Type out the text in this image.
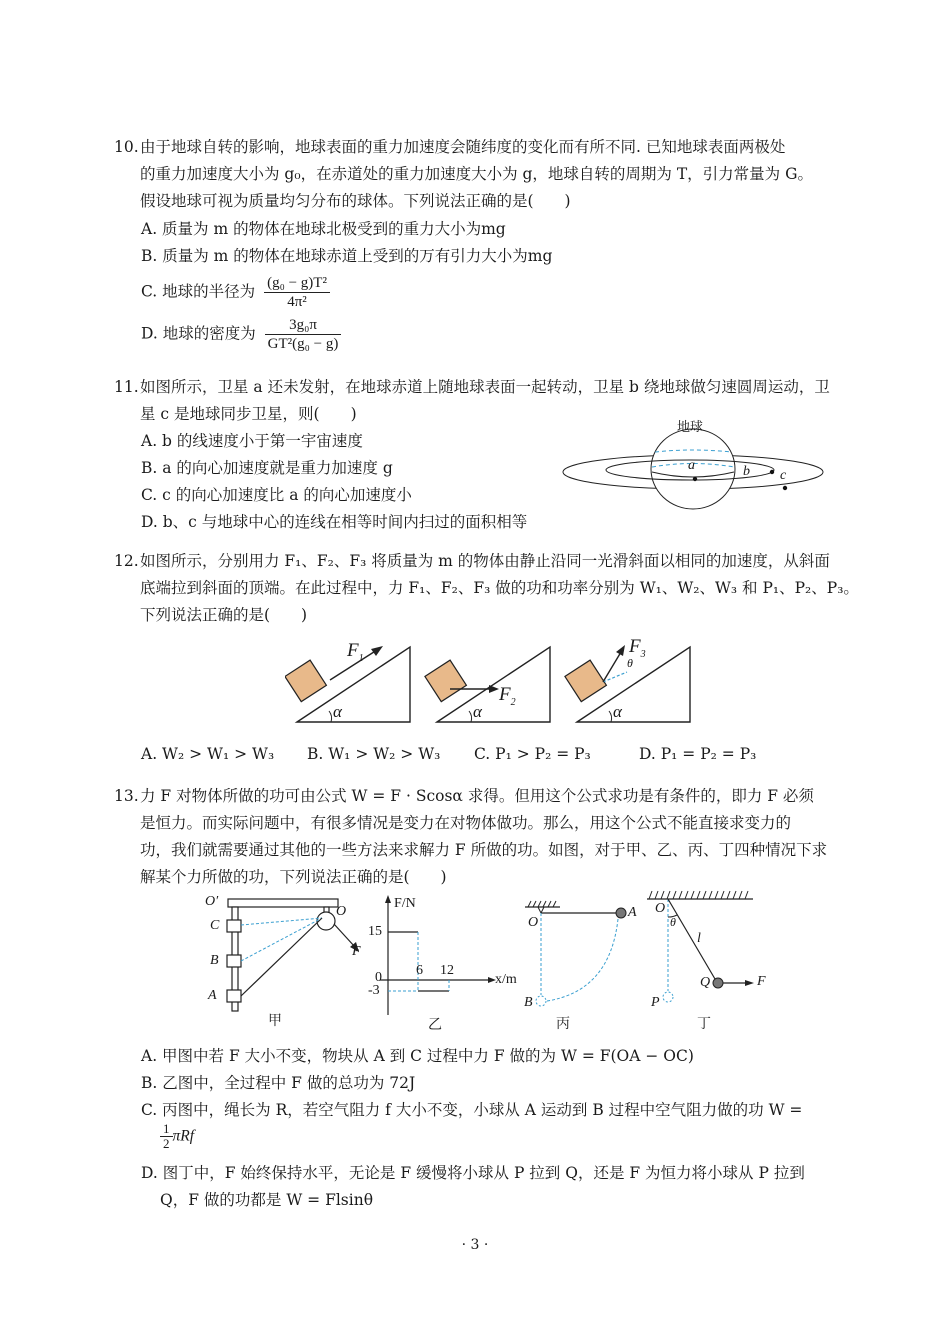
10.由于地球自转的影响，地球表面的重力加速度会随纬度的变化而有所不同. 已知地球表面两极处
的重力加速度大小为 g₀，在赤道处的重力加速度大小为 g，地球自转的周期为 T，引力常量为 G。
假设地球可视为质量均匀分布的球体。下列说法正确的是(　　)
A. 质量为 m 的物体在地球北极受到的重力大小为mg
B. 质量为 m 的物体在地球赤道上受到的万有引力大小为mg
C. 地球的半径为 $\frac{\text{(g₀ − g)T²}}{\text{4π²}}$
D. 地球的密度为 $\frac{\text{3g₀π}}{\text{GT²(g₀ − g)}}$
11.如图所示，卫星 a 还未发射，在地球赤道上随地球表面一起转动，卫星 b 绕地球做匀速圆周运动，卫
星 c 是地球同步卫星，则(　　)
A. b 的线速度小于第一宇宙速度
B. a 的向心加速度就是重力加速度 g
C. c 的向心加速度比 a 的向心加速度小
D. b、c 与地球中心的连线在相等时间内扫过的面积相等
地球
a	b c
12.如图所示，分别用力 F₁、F₂、F₃ 将质量为 m 的物体由静止沿同一光滑斜面以相同的加速度，从斜面
底端拉到斜面的顶端。在此过程中，力 F₁、F₂、F₃ 做的功和功率分别为 W₁、W₂、W₃ 和 P₁、P₂、P₃。
下列说法正确的是(　　)
$F_1$
$F_2$
$F_3$
θ
α	α	α
A. W₂ > W₁ > W₃ B. W₁ > W₂ > W₃ C. P₁ > P₂ = P₃	D. P₁ = P₂ = P₃
13.力 F 对物体所做的功可由公式 W = F · Scosα 求得。但用这个公式求功是有条件的，即力 F 必须
是恒力。而实际问题中，有很多情况是变力在对物体做功。那么，用这个公式不能直接求变力的
功，我们就需要通过其他的一些方法来求解力 F 所做的功。如图，对于甲、乙、丙、丁四种情况下求
解某个力所做的功，下列说法正确的是(　　)
O′
O
C
B
A
F
甲
F/N
x/m
15
0
-3
6 12
乙
O
A
B
丙
O
θ
l
Q
P
F
丁
A. 甲图中若 F 大小不变，物块从 A 到 C 过程中力 F 做的为 W = F(OA − OC)
B. 乙图中，全过程中 F 做的总功为 72J
C. 丙图中，绳长为 R，若空气阻力 f 大小不变，小球从 A 运动到 B 过程中空气阻力做的功 W =
$\frac{1}{2}$ πRf
D. 图丁中，F 始终保持水平，无论是 F 缓慢将小球从 P 拉到 Q，还是 F 为恒力将小球从 P 拉到
Q，F 做的功都是 W = Flsinθ
· 3 ·
